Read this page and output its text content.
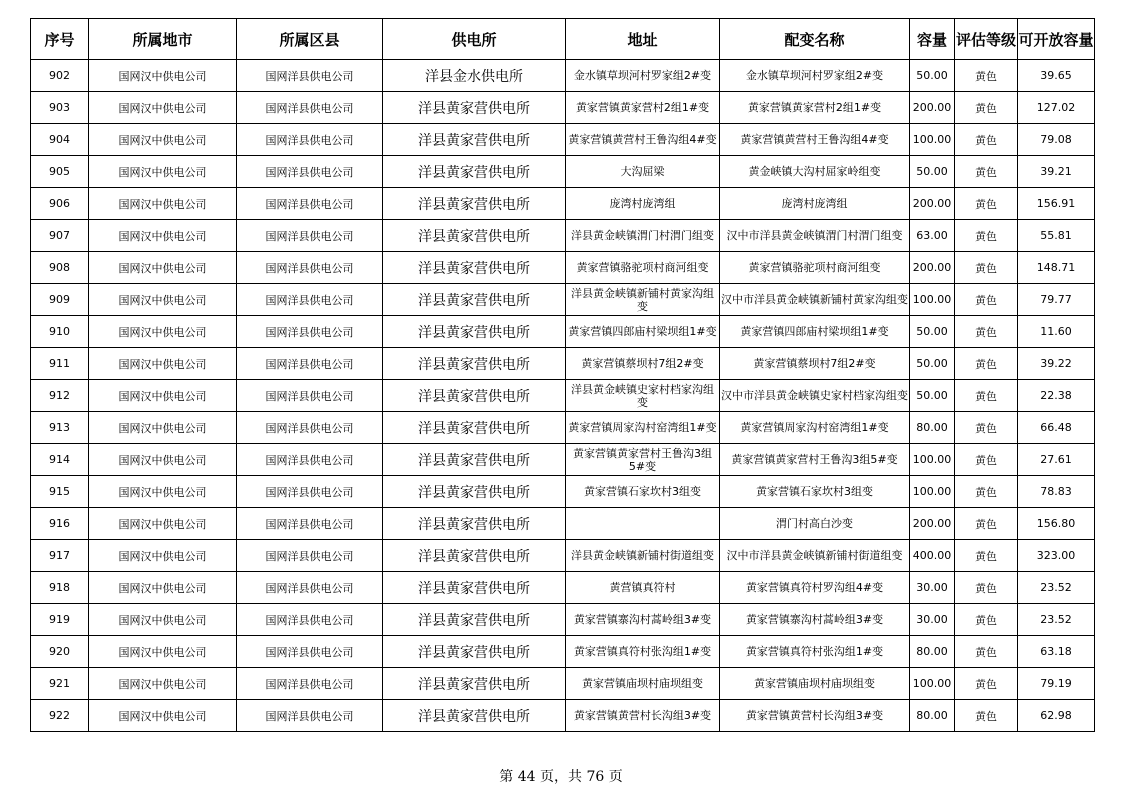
序号	所属地市	所属区县	供电所	地址	配变名称	容量	评估等级	可开放容量
902	国网汉中供电公司	国网洋县供电公司	洋县金水供电所	金水镇草坝河村罗家组2#变	金水镇草坝河村罗家组2#变	50.00	黄色	39.65
903	国网汉中供电公司	国网洋县供电公司	洋县黄家营供电所	黄家营镇黄家营村2组1#变	黄家营镇黄家营村2组1#变	200.00	黄色	127.02
904	国网汉中供电公司	国网洋县供电公司	洋县黄家营供电所	黄家营镇黄营村王鲁沟组4#变	黄家营镇黄营村王鲁沟组4#变	100.00	黄色	79.08
905	国网汉中供电公司	国网洋县供电公司	洋县黄家营供电所	大沟屈梁	黄金峡镇大沟村屈家岭组变	50.00	黄色	39.21
906	国网汉中供电公司	国网洋县供电公司	洋县黄家营供电所	庞湾村庞湾组	庞湾村庞湾组	200.00	黄色	156.91
907	国网汉中供电公司	国网洋县供电公司	洋县黄家营供电所	洋县黄金峡镇渭门村渭门组变	汉中市洋县黄金峡镇渭门村渭门组变	63.00	黄色	55.81
908	国网汉中供电公司	国网洋县供电公司	洋县黄家营供电所	黄家营镇骆驼项村商河组变	黄家营镇骆驼项村商河组变	200.00	黄色	148.71
909	国网汉中供电公司	国网洋县供电公司	洋县黄家营供电所	洋县黄金峡镇新铺村黄家沟组变	汉中市洋县黄金峡镇新铺村黄家沟组变	100.00	黄色	79.77
910	国网汉中供电公司	国网洋县供电公司	洋县黄家营供电所	黄家营镇四郎庙村梁坝组1#变	黄家营镇四郎庙村梁坝组1#变	50.00	黄色	11.60
911	国网汉中供电公司	国网洋县供电公司	洋县黄家营供电所	黄家营镇蔡坝村7组2#变	黄家营镇蔡坝村7组2#变	50.00	黄色	39.22
912	国网汉中供电公司	国网洋县供电公司	洋县黄家营供电所	洋县黄金峡镇史家村档家沟组变	汉中市洋县黄金峡镇史家村档家沟组变	50.00	黄色	22.38
913	国网汉中供电公司	国网洋县供电公司	洋县黄家营供电所	黄家营镇周家沟村窑湾组1#变	黄家营镇周家沟村窑湾组1#变	80.00	黄色	66.48
914	国网汉中供电公司	国网洋县供电公司	洋县黄家营供电所	黄家营镇黄家营村王鲁沟3组5#变	黄家营镇黄家营村王鲁沟3组5#变	100.00	黄色	27.61
915	国网汉中供电公司	国网洋县供电公司	洋县黄家营供电所	黄家营镇石家坎村3组变	黄家营镇石家坎村3组变	100.00	黄色	78.83
916	国网汉中供电公司	国网洋县供电公司	洋县黄家营供电所		渭门村高白沙变	200.00	黄色	156.80
917	国网汉中供电公司	国网洋县供电公司	洋县黄家营供电所	洋县黄金峡镇新铺村街道组变	汉中市洋县黄金峡镇新铺村街道组变	400.00	黄色	323.00
918	国网汉中供电公司	国网洋县供电公司	洋县黄家营供电所	黄营镇真符村	黄家营镇真符村罗沟组4#变	30.00	黄色	23.52
919	国网汉中供电公司	国网洋县供电公司	洋县黄家营供电所	黄家营镇寨沟村蒿岭组3#变	黄家营镇寨沟村蒿岭组3#变	30.00	黄色	23.52
920	国网汉中供电公司	国网洋县供电公司	洋县黄家营供电所	黄家营镇真符村张沟组1#变	黄家营镇真符村张沟组1#变	80.00	黄色	63.18
921	国网汉中供电公司	国网洋县供电公司	洋县黄家营供电所	黄家营镇庙坝村庙坝组变	黄家营镇庙坝村庙坝组变	100.00	黄色	79.19
922	国网汉中供电公司	国网洋县供电公司	洋县黄家营供电所	黄家营镇黄营村长沟组3#变	黄家营镇黄营村长沟组3#变	80.00	黄色	62.98
第 44 页，共 76 页
